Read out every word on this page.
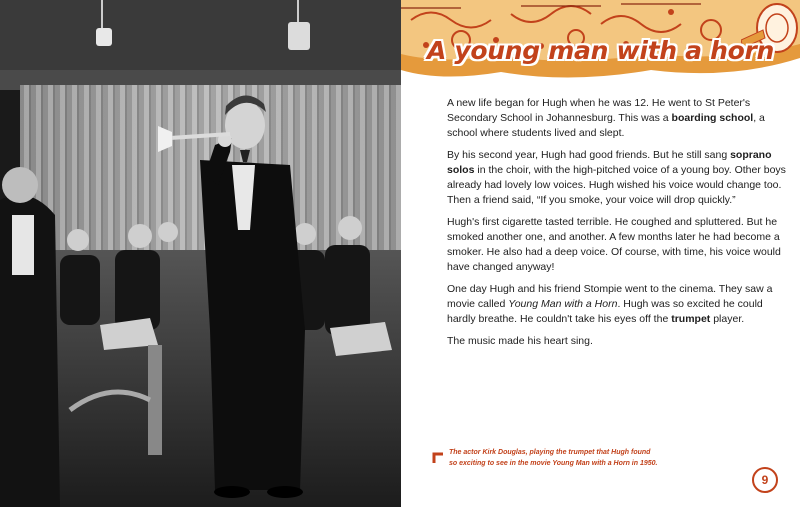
A young man with a horn

A new life began for Hugh when he was 12. He went to St Peter's Secondary School in Johannesburg. This was a boarding school, a school where students lived and slept.

By his second year, Hugh had good friends. But he still sang soprano solos in the choir, with the high-pitched voice of a young boy. Other boys already had lovely low voices. Hugh wished his voice would change too. Then a friend said, “If you smoke, your voice will drop quickly.”

Hugh's first cigarette tasted terrible. He coughed and spluttered. But he smoked another one, and another. A few months later he had become a smoker. He also had a deep voice. Of course, with time, his voice would have changed anyway!

One day Hugh and his friend Stompie went to the cinema. They saw a movie called Young Man with a Horn. Hugh was so excited he could hardly breathe. He couldn't take his eyes off the trumpet player.

The music made his heart sing.

The actor Kirk Douglas, playing the trumpet that Hugh found
so exciting to see in the movie Young Man with a Horn in 1950.
9
